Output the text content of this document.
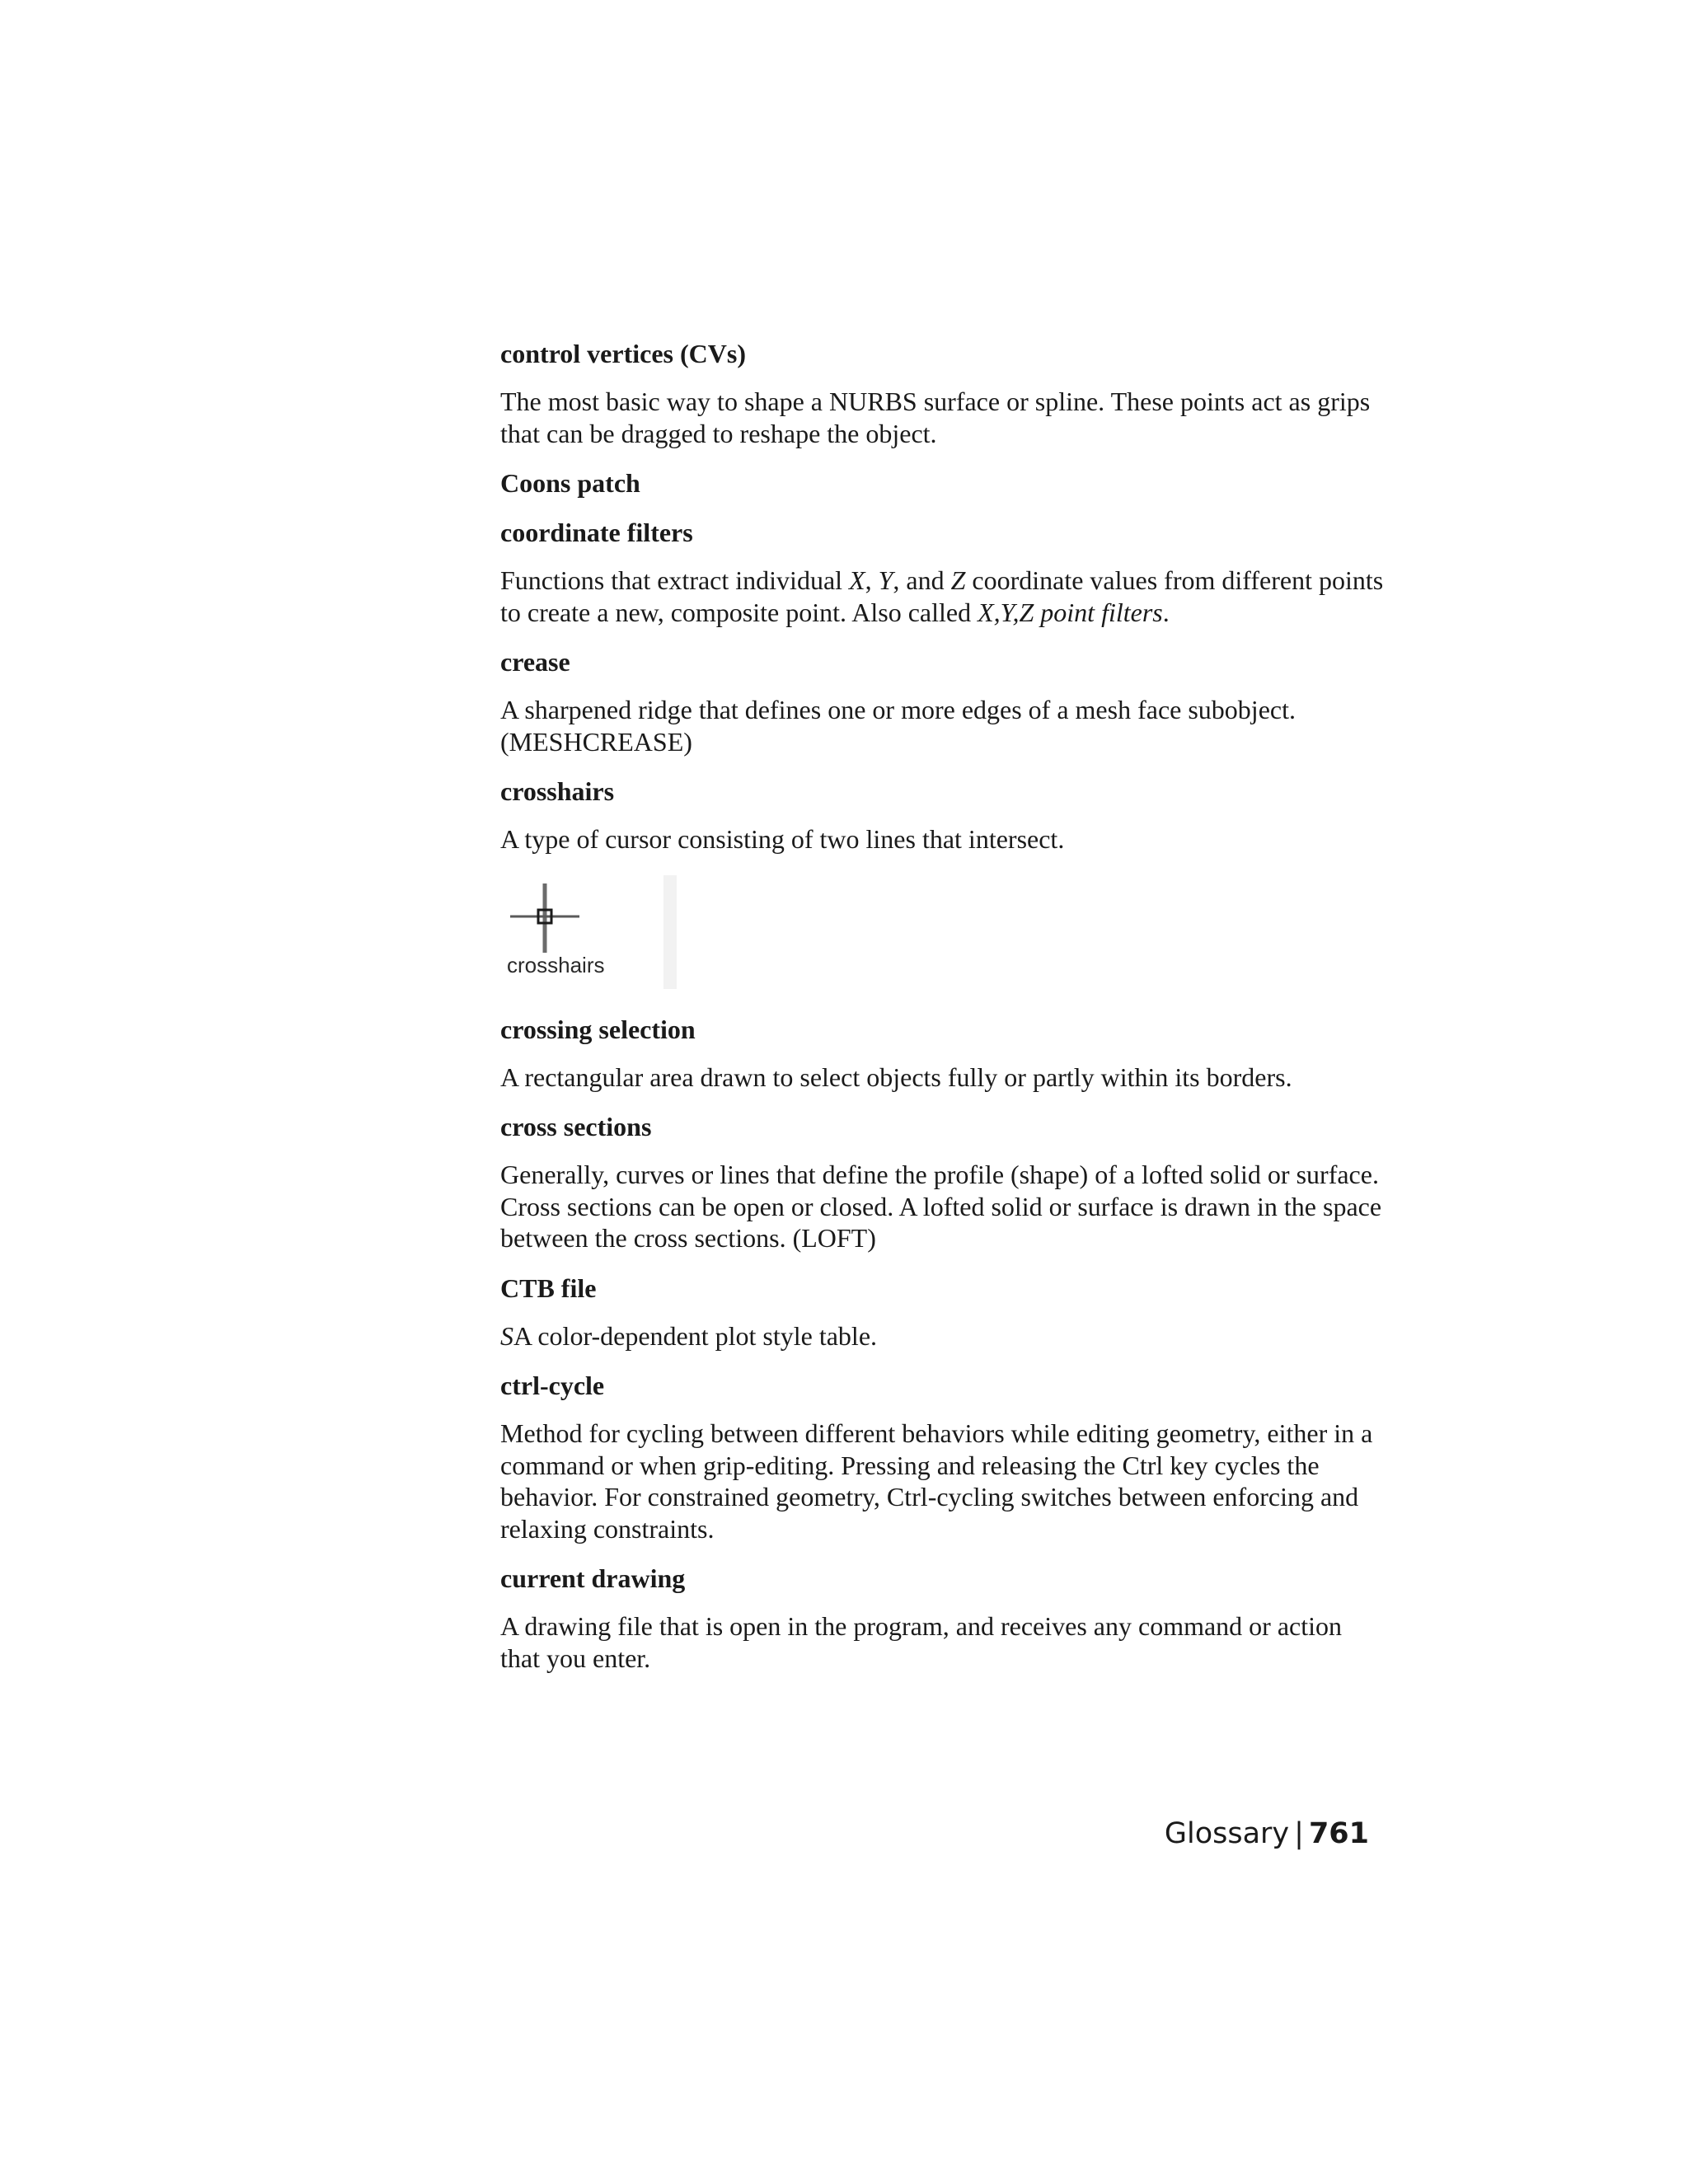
control vertices (CVs)

The most basic way to shape a NURBS surface or spline. These points act as grips that can be dragged to reshape the object.

Coons patch

coordinate filters

Functions that extract individual X, Y, and Z coordinate values from different points to create a new, composite point. Also called X,Y,Z point filters.

crease

A sharpened ridge that defines one or more edges of a mesh face subobject. (MESHCREASE)

crosshairs

A type of cursor consisting of two lines that intersect.

crosshairs

crossing selection

A rectangular area drawn to select objects fully or partly within its borders.

cross sections

Generally, curves or lines that define the profile (shape) of a lofted solid or surface. Cross sections can be open or closed. A lofted solid or surface is drawn in the space between the cross sections. (LOFT)

CTB file

SA color-dependent plot style table.

ctrl-cycle

Method for cycling between different behaviors while editing geometry, either in a command or when grip-editing. Pressing and releasing the Ctrl key cycles the behavior. For constrained geometry, Ctrl-cycling switches between enforcing and relaxing constraints.

current drawing

A drawing file that is open in the program, and receives any command or action that you enter.

Glossary | 761
